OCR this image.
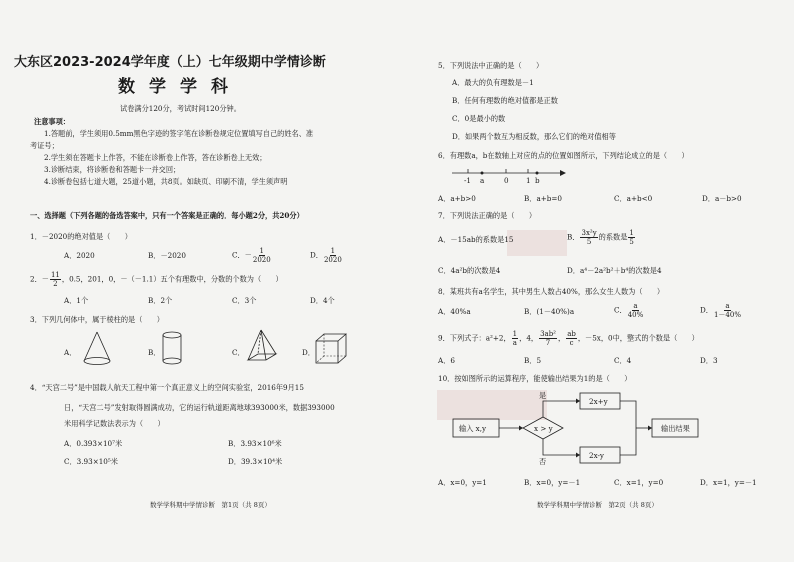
大东区2023-2024学年度（上）七年级期中学情诊断
数学学科
试卷满分120分，考试时间120分钟。
注意事项：
1.答题前，学生须用0.5mm黑色字迹的签字笔在诊断卷规定位置填写自己的姓名、准
考证号；
2.学生须在答题卡上作答，不能在诊断卷上作答，答在诊断卷上无效；
3.诊断结束，将诊断卷和答题卡一并交回；
4.诊断卷包括七道大题，25道小题，共8页。如缺页、印刷不清，学生须声明
一、选择题（下列各题的备选答案中，只有一个答案是正确的．每小题2分，共20分）
1．－2020的绝对值是（　　）
A．2020	B．－2020	C．－ $\frac{1}{2020}$	D． $\frac{1}{2020}$
2．－ $\frac{11}{2}$ ，0.5，201，0，－（－1.1）五个有理数中，分数的个数为（　　）
A．1个	B．2个	C．3个	D．4个
3．下列几何体中，属于棱柱的是（　　）
A．	B．	C．	D．
4．“天宫二号”是中国载人航天工程中第一个真正意义上的空间实验室，2016年9月15
日，“天宫二号”发射取得圆满成功，它的运行轨道距离地球393000米，数据393000
米用科学记数法表示为（　　）
A．0.393×10⁷米	B．3.93×10⁶米
C．3.93×10⁵米	D．39.3×10⁴米
数学学科期中学情诊断　第1页（共 8页）
5．下列说法中正确的是（　　）
A．最大的负有理数是－1
B．任何有理数的绝对值都是正数
C．0是最小的数
D．如果两个数互为相反数，那么它们的绝对值相等
6．有理数a，b在数轴上对应的点的位置如图所示，下列结论成立的是（　　）
-1 a	0 1 b
A．a+b>0	B．a+b=0	C．a+b<0	D．a－b>0
7．下列说法正确的是（　　）
A．－15ab的系数是15	B． $\frac{\text{3x²y}}{5}$ 的系数是 $\frac{1}{5}$
C．4a²b的次数是4	D．a⁴－2a²b²＋b⁴的次数是4
8．某班共有a名学生，其中男生人数占40%，那么女生人数为（　　）
A．40%a	B．(1－40%)a	C． $\frac{a}{40\%}$	D． $\frac{a}{1-40\%}$
9．下列式子：a²+2， $\frac{1}{a}$ ，4， $\frac{\text{3ab²}}{7}$ ， $\frac{ab}{c}$ ，－5x，0中，整式的个数是（　　）
A．6	B．5	C．4	D．3
10．按如图所示的运算程序，能使输出结果为1的是（　　）
输入 x,y	x > y
是
否
2x+y
2x-y
输出结果
A．x=0，y=1	B．x=0，y=－1	C．x=1，y=0	D．x=1，y=－1
数学学科期中学情诊断　第2页（共 8页）
